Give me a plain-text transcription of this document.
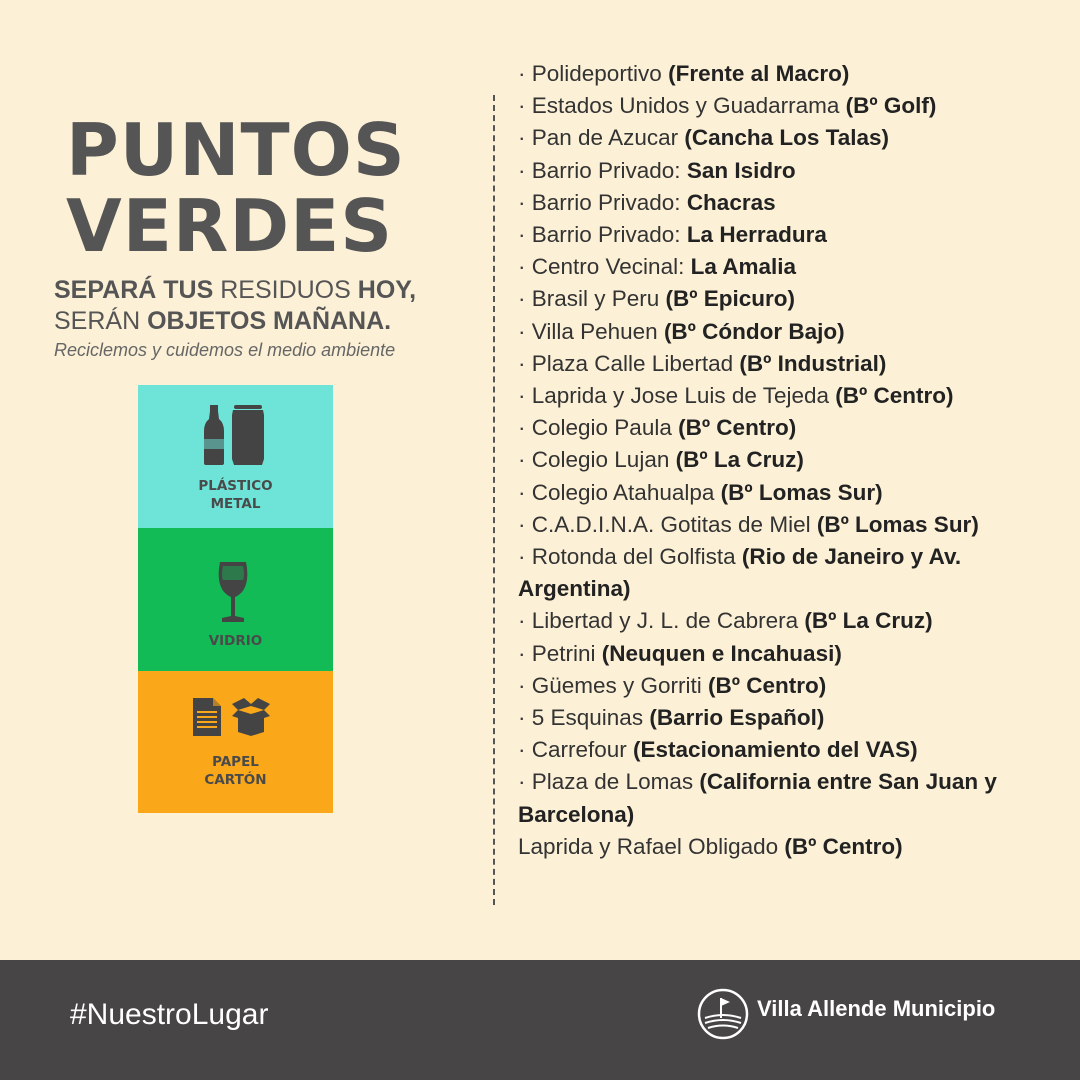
PUNTOS
VERDES
SEPARÁ TUS RESIDUOS HOY,
SERÁN OBJETOS MAÑANA.
Reciclemos y cuidemos el medio ambiente
PLÁSTICO
METAL
VIDRIO
PAPEL
CARTÓN
· Polideportivo (Frente al Macro)
· Estados Unidos y Guadarrama (Bº Golf)
· Pan de Azucar (Cancha Los Talas)
· Barrio Privado: San Isidro
· Barrio Privado: Chacras
· Barrio Privado: La Herradura
· Centro Vecinal: La Amalia
· Brasil y Peru (Bº Epicuro)
· Villa Pehuen (Bº Cóndor Bajo)
· Plaza Calle Libertad (Bº Industrial)
· Laprida y Jose Luis de Tejeda (Bº Centro)
· Colegio Paula (Bº Centro)
· Colegio Lujan (Bº La Cruz)
· Colegio Atahualpa (Bº Lomas Sur)
· C.A.D.I.N.A. Gotitas de Miel (Bº Lomas Sur)
· Rotonda del Golfista (Rio de Janeiro y Av. Argentina)
· Libertad y J. L. de Cabrera (Bº La Cruz)
· Petrini (Neuquen e Incahuasi)
· Güemes y Gorriti (Bº Centro)
· 5 Esquinas (Barrio Español)
· Carrefour (Estacionamiento del VAS)
· Plaza de Lomas (California entre San Juan y Barcelona)
Laprida y Rafael Obligado (Bº Centro)
#NuestroLugar	Villa Allende Municipio
